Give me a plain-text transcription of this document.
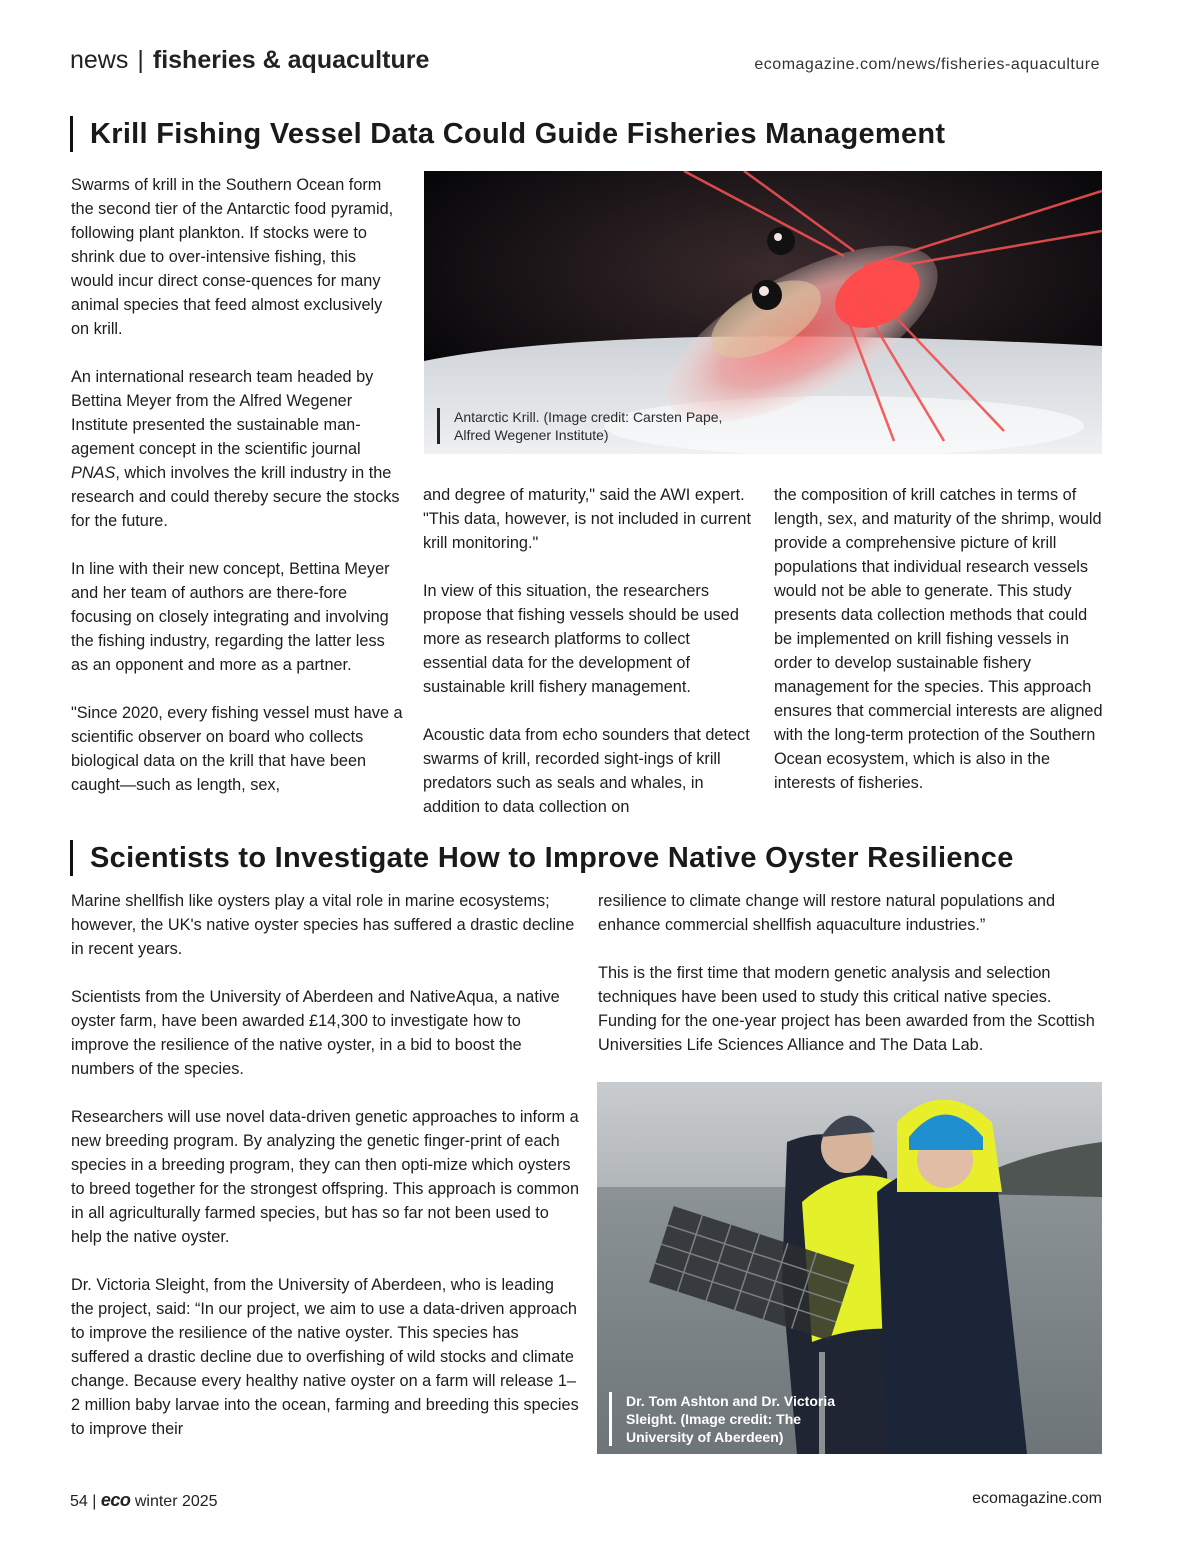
news | fisheries & aquaculture	ecomagazine.com/news/fisheries-aquaculture
Krill Fishing Vessel Data Could Guide Fisheries Management

Swarms of krill in the Southern Ocean form the second tier of the Antarctic food pyramid, following plant plankton. If stocks were to shrink due to over-intensive fishing, this would incur direct conse-quences for many animal species that feed almost exclusively on krill.

An international research team headed by Bettina Meyer from the Alfred Wegener Institute presented the sustainable man-agement concept in the scientific journal PNAS, which involves the krill industry in the research and could thereby secure the stocks for the future.

In line with their new concept, Bettina Meyer and her team of authors are there-fore focusing on closely integrating and involving the fishing industry, regarding the latter less as an opponent and more as a partner.

"Since 2020, every fishing vessel must have a scientific observer on board who collects biological data on the krill that have been caught—such as length, sex,

Antarctic Krill. (Image credit: Carsten Pape, Alfred Wegener Institute)

and degree of maturity," said the AWI expert. "This data, however, is not included in current krill monitoring."

In view of this situation, the researchers propose that fishing vessels should be used more as research platforms to collect essential data for the development of sustainable krill fishery management.

Acoustic data from echo sounders that detect swarms of krill, recorded sight-ings of krill predators such as seals and whales, in addition to data collection on

the composition of krill catches in terms of length, sex, and maturity of the shrimp, would provide a comprehensive picture of krill populations that individual research vessels would not be able to generate. This study presents data collection methods that could be implemented on krill fishing vessels in order to develop sustainable fishery management for the species. This approach ensures that commercial interests are aligned with the long-term protection of the Southern Ocean ecosystem, which is also in the interests of fisheries.

Scientists to Investigate How to Improve Native Oyster Resilience

Marine shellfish like oysters play a vital role in marine ecosystems; however, the UK's native oyster species has suffered a drastic decline in recent years.

Scientists from the University of Aberdeen and NativeAqua, a native oyster farm, have been awarded £14,300 to investigate how to improve the resilience of the native oyster, in a bid to boost the numbers of the species.

Researchers will use novel data-driven genetic approaches to inform a new breeding program. By analyzing the genetic finger-print of each species in a breeding program, they can then opti-mize which oysters to breed together for the strongest offspring. This approach is common in all agriculturally farmed species, but has so far not been used to help the native oyster.

Dr. Victoria Sleight, from the University of Aberdeen, who is leading the project, said: “In our project, we aim to use a data-driven approach to improve the resilience of the native oyster. This species has suffered a drastic decline due to overfishing of wild stocks and climate change. Because every healthy native oyster on a farm will release 1–2 million baby larvae into the ocean, farming and breeding this species to improve their

resilience to climate change will restore natural populations and enhance commercial shellfish aquaculture industries.”

This is the first time that modern genetic analysis and selection techniques have been used to study this critical native species. Funding for the one-year project has been awarded from the Scottish Universities Life Sciences Alliance and The Data Lab.

Dr. Tom Ashton and Dr. Victoria Sleight. (Image credit: The University of Aberdeen)
54 | eco winter 2025	ecomagazine.com
